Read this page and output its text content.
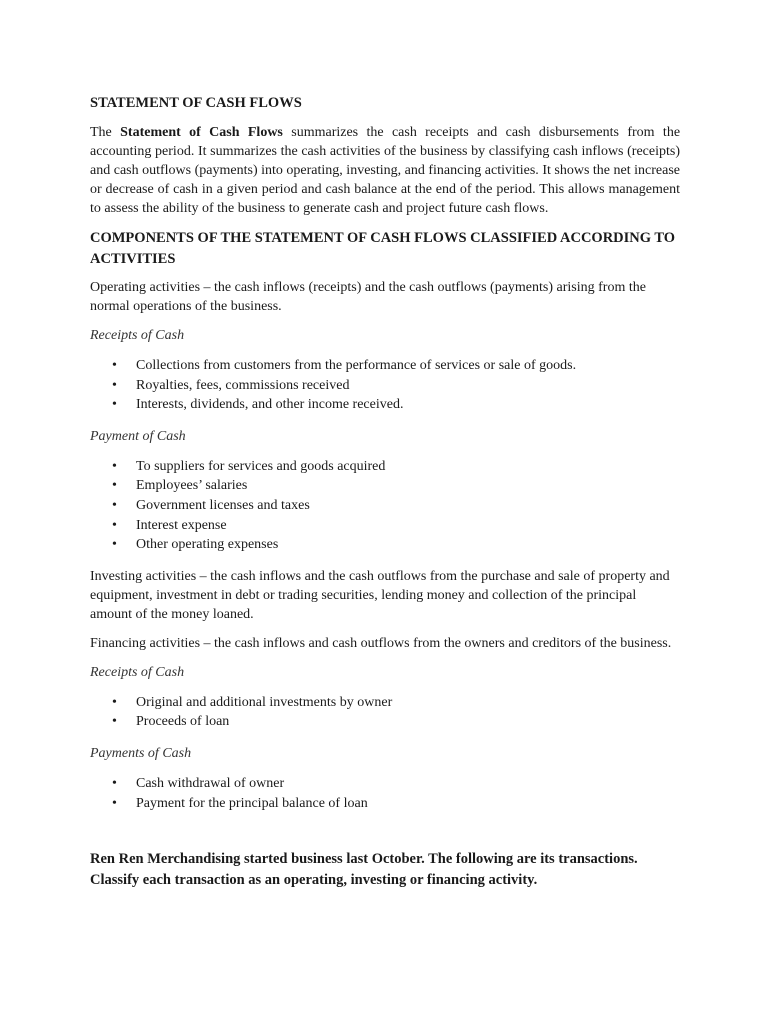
STATEMENT OF CASH FLOWS

The Statement of Cash Flows summarizes the cash receipts and cash disbursements from the accounting period. It summarizes the cash activities of the business by classifying cash inflows (receipts) and cash outflows (payments) into operating, investing, and financing activities. It shows the net increase or decrease of cash in a given period and cash balance at the end of the period. This allows management to assess the ability of the business to generate cash and project future cash flows.

COMPONENTS OF THE STATEMENT OF CASH FLOWS CLASSIFIED ACCORDING TO ACTIVITIES

Operating activities – the cash inflows (receipts) and the cash outflows (payments) arising from the normal operations of the business.

Receipts of Cash

• Collections from customers from the performance of services or sale of goods.
• Royalties, fees, commissions received
• Interests, dividends, and other income received.

Payment of Cash

• To suppliers for services and goods acquired
• Employees’ salaries
• Government licenses and taxes
• Interest expense
• Other operating expenses

Investing activities – the cash inflows and the cash outflows from the purchase and sale of property and equipment, investment in debt or trading securities, lending money and collection of the principal amount of the money loaned.

Financing activities – the cash inflows and cash outflows from the owners and creditors of the business.

Receipts of Cash

• Original and additional investments by owner
• Proceeds of loan

Payments of Cash

• Cash withdrawal of owner
• Payment for the principal balance of loan

Ren Ren Merchandising started business last October. The following are its transactions. Classify each transaction as an operating, investing or financing activity.
